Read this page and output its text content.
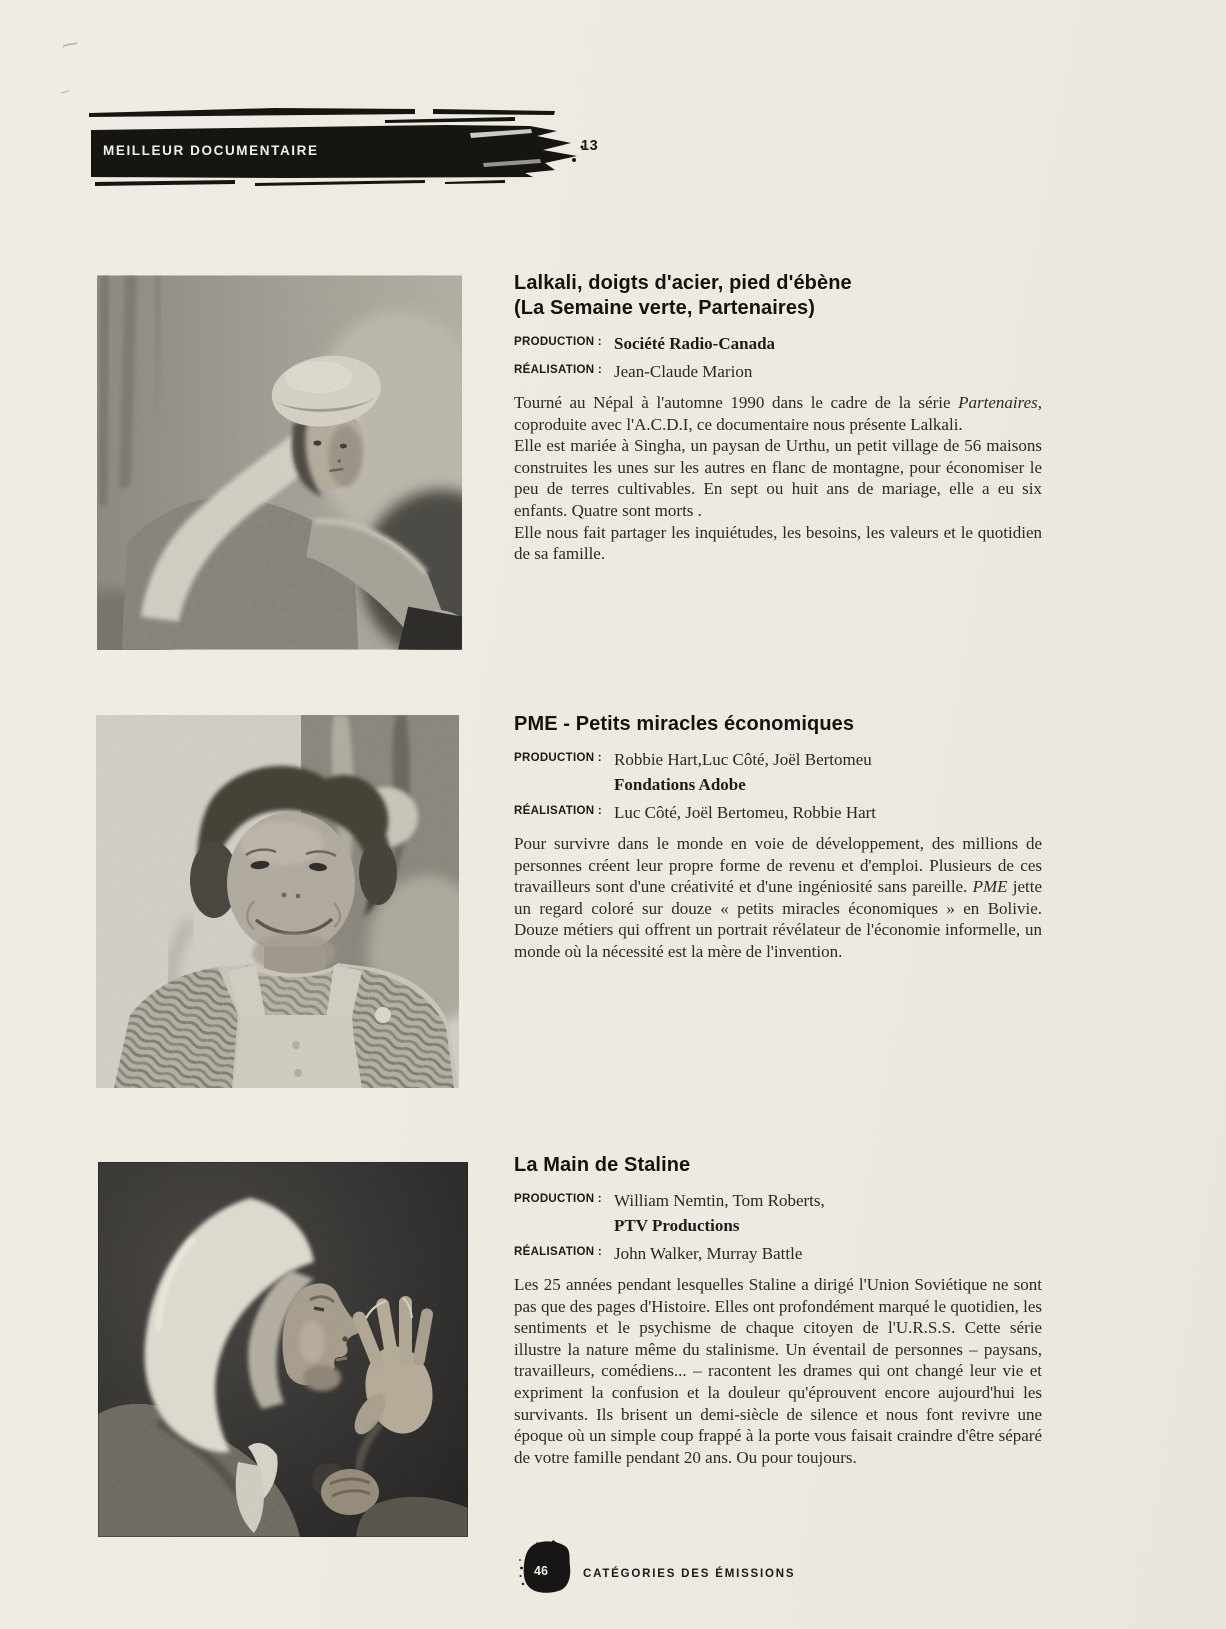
MEILLEUR DOCUMENTAIRE	13
Lalkali, doigts d'acier, pied d'ébène
(La Semaine verte, Partenaires)
PRODUCTION : Société Radio-Canada
RÉALISATION : Jean-Claude Marion

Tourné au Népal à l'automne 1990 dans le cadre de la série Partenaires, coproduite avec l'A.C.D.I, ce documentaire nous présente Lalkali.

Elle est mariée à Singha, un paysan de Urthu, un petit village de 56 maisons construites les unes sur les autres en flanc de montagne, pour économiser le peu de terres cultivables. En sept ou huit ans de mariage, elle a eu six enfants. Quatre sont morts .

Elle nous fait partager les inquiétudes, les besoins, les valeurs et le quotidien de sa famille.

PME - Petits miracles économiques
PRODUCTION : Robbie Hart,Luc Côté, Joël Bertomeu
Fondations Adobe
RÉALISATION : Luc Côté, Joël Bertomeu, Robbie Hart

Pour survivre dans le monde en voie de développement, des millions de personnes créent leur propre forme de revenu et d'emploi. Plusieurs de ces travailleurs sont d'une créativité et d'une ingéniosité sans pareille. PME jette un regard coloré sur douze « petits miracles économiques » en Bolivie. Douze métiers qui offrent un portrait révélateur de l'économie informelle, un monde où la nécessité est la mère de l'invention.

La Main de Staline
PRODUCTION : William Nemtin, Tom Roberts,
PTV Productions
RÉALISATION : John Walker, Murray Battle

Les 25 années pendant lesquelles Staline a dirigé l'Union Soviétique ne sont pas que des pages d'Histoire. Elles ont profondément marqué le quotidien, les sentiments et le psychisme de chaque citoyen de l'U.R.S.S. Cette série illustre la nature même du stalinisme. Un éventail de personnes – paysans, travailleurs, comédiens... – racontent les drames qui ont changé leur vie et expriment la confusion et la douleur qu'éprouvent encore aujourd'hui les survivants. Ils brisent un demi-siècle de silence et nous font revivre une époque où un simple coup frappé à la porte vous faisait craindre d'être séparé de votre famille pendant 20 ans. Ou pour toujours.

46	CATÉGORIES DES ÉMISSIONS
